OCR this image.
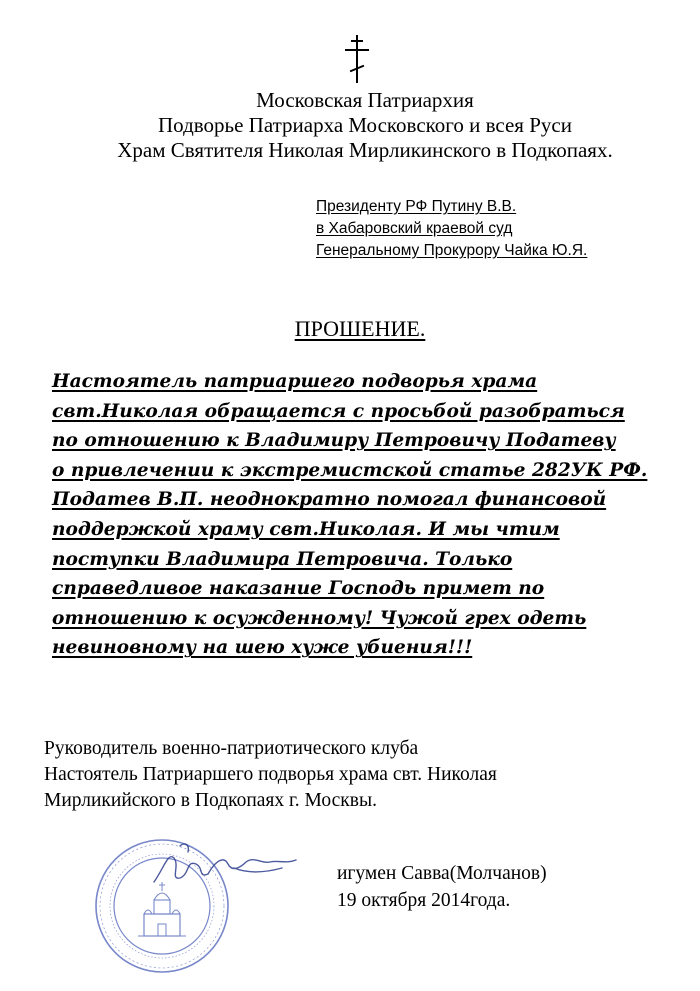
Московская Патриархия
Подворье Патриарха Московского и всея Руси
Храм Святителя Николая Мирликинского в Подкопаях.
Президенту РФ Путину В.В.
в Хабаровский краевой суд
Генеральному Прокурору Чайка Ю.Я.
ПРОШЕНИЕ.
Настоятель патриаршего подворья храма
свт.Николая обращается с просьбой разобраться
по отношению к Владимиру Петровичу Податеву
о привлечении к экстремистской статье 282УК РФ.
Податев В.П. неоднократно помогал финансовой
поддержкой храму свт.Николая. И мы чтим
поступки Владимира Петровича. Только
справедливое наказание Господь примет по
отношению к осужденному! Чужой грех одеть
невиновному на шею хуже убиения!!!
Руководитель военно-патриотического клуба
Настоятель Патриаршего подворья храма свт. Николая
Мирликийского в Подкопаях г. Москвы.
игумен Савва(Молчанов)
19 октября 2014года.
